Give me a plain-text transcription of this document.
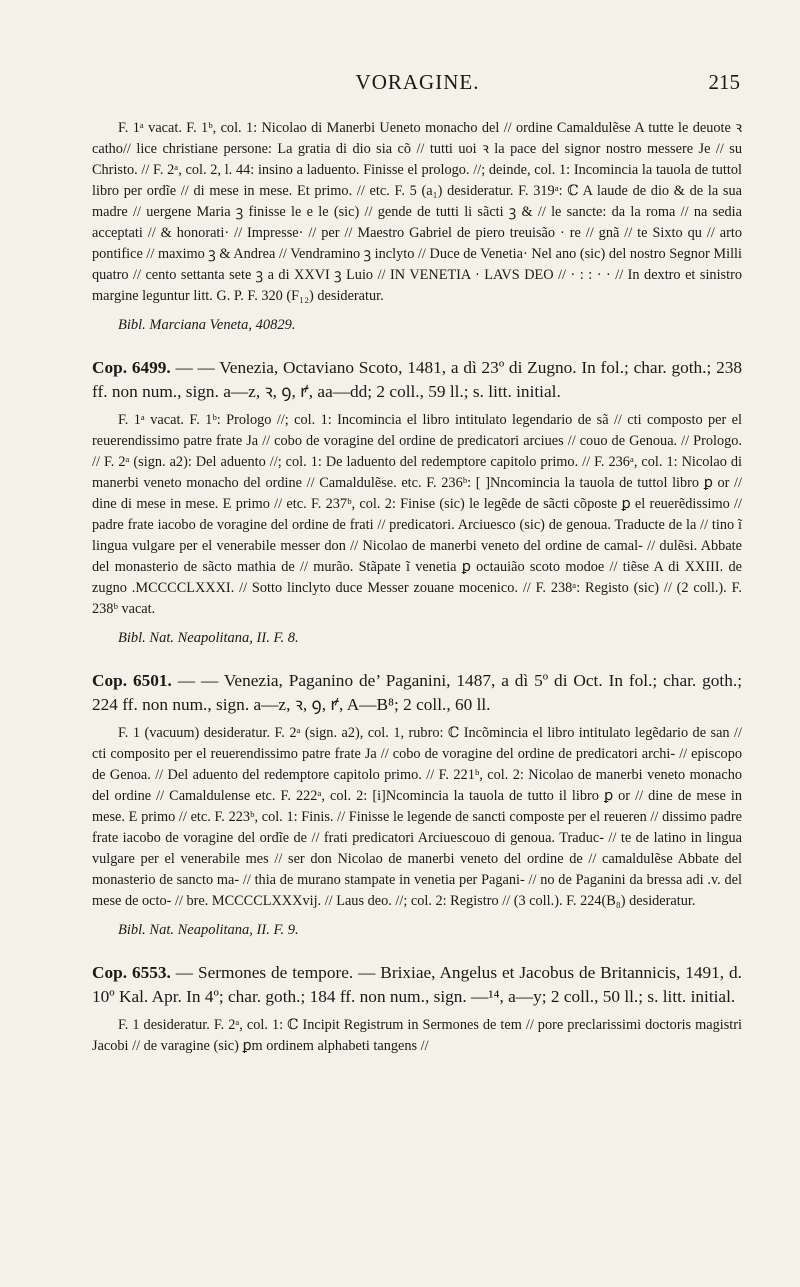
VORAGINE.	215

F. 1ᵃ vacat. F. 1ᵇ, col. 1: Nicolao di Manerbi Ueneto monacho del // ordine Camaldulẽse A tutte le deuote ꝛ catho// lice christiane persone: La gratia di dio sia cõ // tutti uoi ꝛ la pace del signor nostro messere Je // su Christo. // F. 2ᵃ, col. 2, l. 44: insino a laduento. Finisse el prologo. //; deinde, col. 1: Incomincia la tauola de tuttol libro per ordĩe // di mese in mese. Et primo. // etc. F. 5 (a₁) desideratur. F. 319ᵃ: ℂ A laude de dio & de la sua madre // uergene Maria ꝫ finisse le e le (sic) // gende de tutti li sãcti ꝫ & // le sancte: da la roma // na sedia acceptati // & honorati· // Impresse· // per // Maestro Gabriel de piero treuisão · re // gnã // te Sixto qu // arto pontifice // maximo ꝫ & Andrea // Vendramino ꝫ inclyto // Duce de Venetia· Nel ano (sic) del nostro Segnor Milli quatro // cento settanta sete ꝫ a di XXVI ꝫ Luio // IN VENETIA · LAVS DEO // · : : · · // In dextro et sinistro margine leguntur litt. G. P. F. 320 (F₁₂) desideratur.

Bibl. Marciana Veneta, 40829.

Cop. 6499. — — Venezia, Octaviano Scoto, 1481, a dì 23º di Zugno. In fol.; char. goth.; 238 ff. non num., sign. a—z, ꝛ, ꝯ, ꝵ, aa—dd; 2 coll., 59 ll.; s. litt. initial.

F. 1ᵃ vacat. F. 1ᵇ: Prologo //; col. 1: Incomincia el libro intitulato legendario de sã // cti composto per el reuerendissimo patre frate Ja // cobo de voragine del ordine de predicatori arciues // couo de Genoua. // Prologo. // F. 2ᵃ (sign. a2): Del aduento //; col. 1: De laduento del redemptore capitolo primo. // F. 236ᵃ, col. 1: Nicolao di manerbi veneto monacho del ordine // Camaldulẽse. etc. F. 236ᵇ: [ ]Nncomincia la tauola de tuttol libro ꝑ or // dine di mese in mese. E primo // etc. F. 237ᵇ, col. 2: Finise (sic) le legẽde de sãcti cõposte ꝑ el reuerẽdissimo // padre frate iacobo de voragine del ordine de frati // predicatori. Arciuesco (sic) de genoua. Traducte de la // tino ĩ lingua vulgare per el venerabile messer don // Nicolao de manerbi veneto del ordine de camal- // dulẽsi. Abbate del monasterio de sãcto mathia de // murão. Stãpate ĩ venetia ꝑ octauião scoto modoe // tiẽse A di XXIII. de zugno .MCCCCLXXXI. // Sotto linclyto duce Messer zouane mocenico. // F. 238ᵃ: Registo (sic) // (2 coll.). F. 238ᵇ vacat.

Bibl. Nat. Neapolitana, II. F. 8.

Cop. 6501. — — Venezia, Paganino de’ Paganini, 1487, a dì 5º di Oct. In fol.; char. goth.; 224 ff. non num., sign. a—z, ꝛ, ꝯ, ꝵ, A—B⁸; 2 coll., 60 ll.

F. 1 (vacuum) desideratur. F. 2ᵃ (sign. a2), col. 1, rubro: ℂ Incõmincia el libro intitulato legẽdario de san // cti composito per el reuerendissimo patre frate Ja // cobo de voragine del ordine de predicatori archi- // episcopo de Genoa. // Del aduento del redemptore capitolo primo. // F. 221ᵇ, col. 2: Nicolao de manerbi veneto monacho del ordine // Camaldulense etc. F. 222ᵃ, col. 2: [i]Ncomincia la tauola de tutto il libro ꝑ or // dine de mese in mese. E primo // etc. F. 223ᵇ, col. 1: Finis. // Finisse le legende de sancti composte per el reueren // dissimo padre frate iacobo de voragine del ordĩe de // frati predicatori Arciuescouo di genoua. Traduc- // te de latino in lingua vulgare per el venerabile mes // ser don Nicolao de manerbi veneto del ordine de // camaldulẽse Abbate del monasterio de sancto ma- // thia de murano stampate in venetia per Pagani- // no de Paganini da bressa adi .v. del mese de octo- // bre. MCCCCLXXXvij. // Laus deo. //; col. 2: Registro // (3 coll.). F. 224(B₈) desideratur.

Bibl. Nat. Neapolitana, II. F. 9.

Cop. 6553. — Sermones de tempore. — Brixiae, Angelus et Jacobus de Britannicis, 1491, d. 10º Kal. Apr. In 4º; char. goth.; 184 ff. non num., sign. —¹⁴, a—y; 2 coll., 50 ll.; s. litt. initial.

F. 1 desideratur. F. 2ᵃ, col. 1: ℂ Incipit Registrum in Sermones de tem // pore preclarissimi doctoris magistri Jacobi // de varagine (sic) ꝑm ordinem alphabeti tangens //
